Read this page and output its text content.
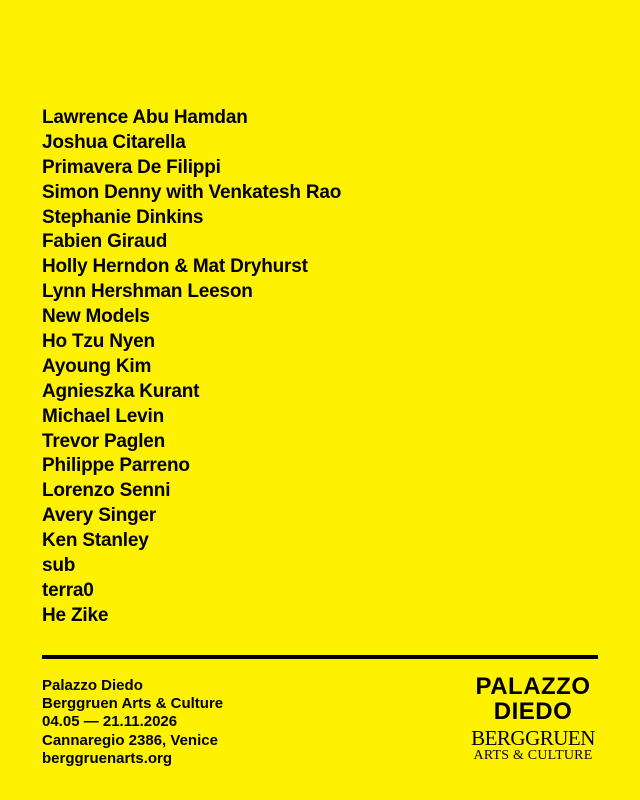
Lawrence Abu Hamdan
Joshua Citarella
Primavera De Filippi
Simon Denny with Venkatesh Rao
Stephanie Dinkins
Fabien Giraud
Holly Herndon & Mat Dryhurst
Lynn Hershman Leeson
New Models
Ho Tzu Nyen
Ayoung Kim
Agnieszka Kurant
Michael Levin
Trevor Paglen
Philippe Parreno
Lorenzo Senni
Avery Singer
Ken Stanley
sub
terra0
He Zike
Palazzo Diedo
Berggruen Arts & Culture
04.05 — 21.11.2026
Cannaregio 2386, Venice
berggruenarts.org
PALAZZO
DIEDO
BERGGRUEN
ARTS & CULTURE
